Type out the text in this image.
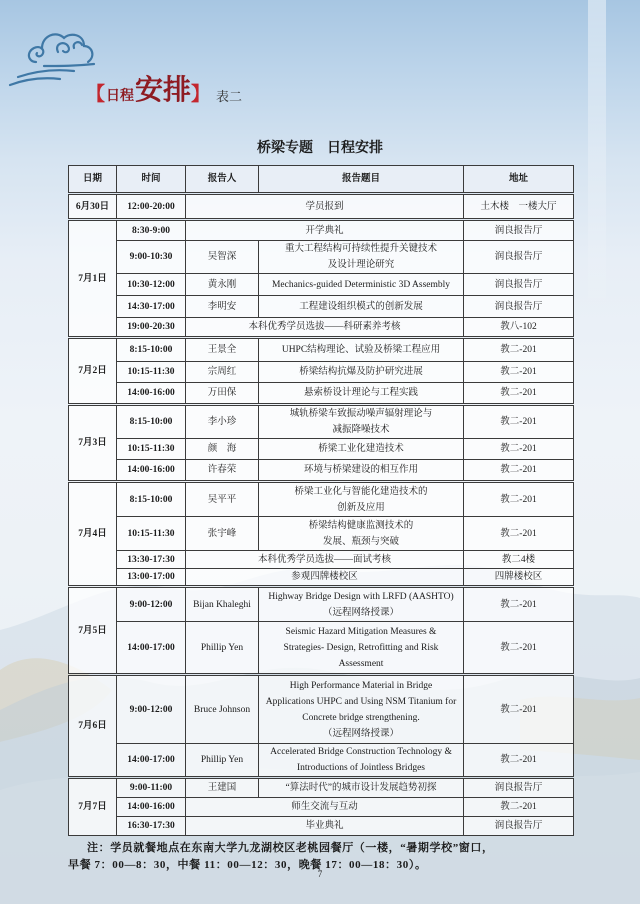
【 日程 安排 】 表二
桥梁专题　日程安排
日期	时间	报告人	报告题目	地址
6月30日	12:00-20:00	学员报到		土木楼　一楼大厅
7月1日	8:30-9:00	开学典礼		润良报告厅
	9:00-10:30	吴智深	重大工程结构可持续性提升关键技术
及设计理论研究	润良报告厅
	10:30-12:00	黄永刚	Mechanics-guided Deterministic 3D Assembly	润良报告厅
	14:30-17:00	李明安	工程建设组织模式的创新发展	润良报告厅
	19:00-20:30	本科优秀学员选拔——科研素养考核		教八-102
7月2日	8:15-10:00	王景全	UHPC结构理论、试验及桥梁工程应用	教二-201
	10:15-11:30	宗周红	桥梁结构抗爆及防护研究进展	教二-201
	14:00-16:00	万田保	悬索桥设计理论与工程实践	教二-201
7月3日	8:15-10:00	李小珍	城轨桥梁车致振动噪声辐射理论与
减振降噪技术	教二-201
	10:15-11:30	颜　海	桥梁工业化建造技术	教二-201
	14:00-16:00	许春荣	环境与桥梁建设的相互作用	教二-201
7月4日	8:15-10:00	吴平平	桥梁工业化与智能化建造技术的
创新及应用	教二-201
	10:15-11:30	张宇峰	桥梁结构健康监测技术的
发展、瓶颈与突破	教二-201
	13:30-17:30	本科优秀学员选拔——面试考核		教二4楼
	13:00-17:00	参观四牌楼校区		四牌楼校区
7月5日	9:00-12:00	Bijan Khaleghi	Highway Bridge Design with LRFD (AASHTO)
（远程网络授课）	教二-201
	14:00-17:00	Phillip Yen	Seismic Hazard Mitigation Measures &
Strategies- Design, Retrofitting and Risk
Assessment	教二-201
7月6日	9:00-12:00	Bruce Johnson	High Performance Material in Bridge
Applications UHPC and Using NSM Titanium for
Concrete bridge strengthening.
（远程网络授课）	教二-201
	14:00-17:00	Phillip Yen	Accelerated Bridge Construction Technology &
Introductions of Jointless Bridges	教二-201
7月7日	9:00-11:00	王建国	“算法时代”的城市设计发展趋势初探	润良报告厅
	14:00-16:00	师生交流与互动		教二-201
	16:30-17:30	毕业典礼		润良报告厅
注：学员就餐地点在东南大学九龙湖校区老桃园餐厅（一楼，“暑期学校”窗口，
早餐 7：00—8：30，中餐 11：00—12：30，晚餐 17：00—18：30）。
7
